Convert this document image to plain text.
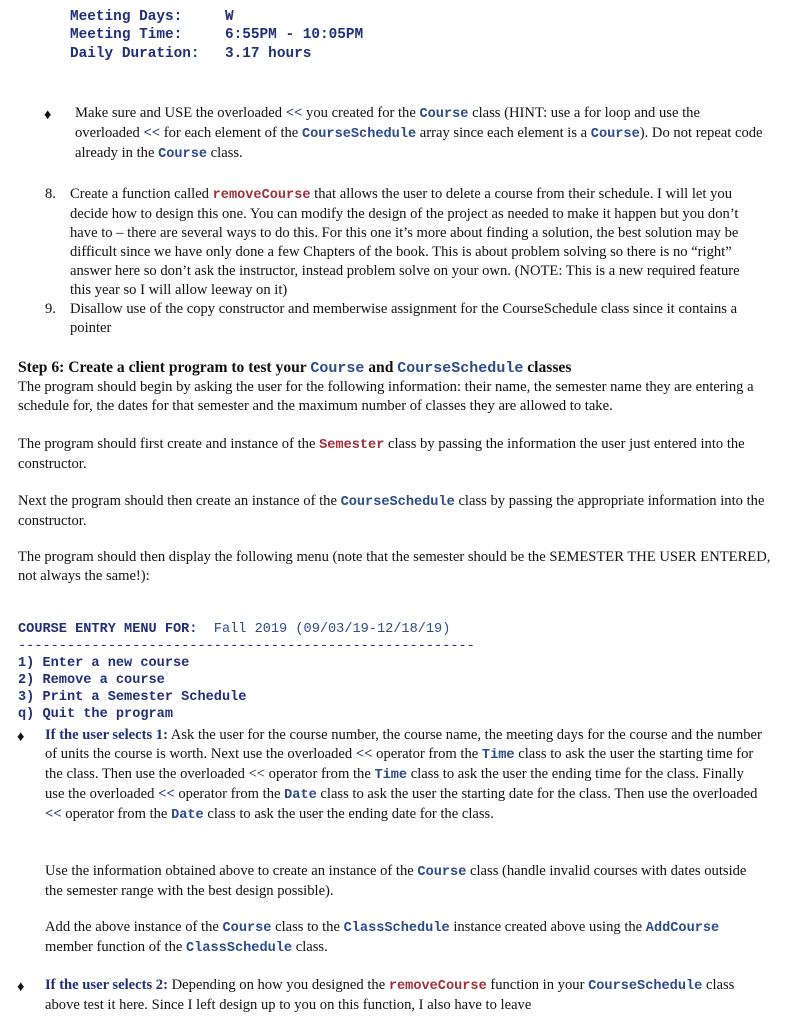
Meeting Days:	W
Meeting Time:	6:55PM - 10:05PM
Daily Duration: 3.17 hours
♦ Make sure and USE the overloaded << you created for the Course class (HINT: use a for loop and use the overloaded << for each element of the CourseSchedule array since each element is a Course). Do not repeat code already in the Course class.
8. Create a function called removeCourse that allows the user to delete a course from their schedule. I will let you decide how to design this one. You can modify the design of the project as needed to make it happen but you don’t have to – there are several ways to do this. For this one it’s more about finding a solution, the best solution may be difficult since we have only done a few Chapters of the book. This is about problem solving so there is no “right” answer here so don’t ask the instructor, instead problem solve on your own. (NOTE: This is a new required feature this year so I will allow leeway on it)
9. Disallow use of the copy constructor and memberwise assignment for the CourseSchedule class since it contains a pointer
Step 6: Create a client program to test your Course and CourseSchedule classes
The program should begin by asking the user for the following information: their name, the semester name they are entering a schedule for, the dates for that semester and the maximum number of classes they are allowed to take.
The program should first create and instance of the Semester class by passing the information the user just entered into the constructor.
Next the program should then create an instance of the CourseSchedule class by passing the appropriate information into the constructor.
The program should then display the following menu (note that the semester should be the SEMESTER THE USER ENTERED, not always the same!):

COURSE ENTRY MENU FOR: Fall 2019 (09/03/19-12/18/19)
--------------------------------------------------------
1) Enter a new course
2) Remove a course
3) Print a Semester Schedule
q) Quit the program

♦ If the user selects 1: Ask the user for the course number, the course name, the meeting days for the course and the number of units the course is worth. Next use the overloaded << operator from the Time class to ask the user the starting time for the class. Then use the overloaded << operator from the Time class to ask the user the ending time for the class. Finally use the overloaded << operator from the Date class to ask the user the starting date for the class. Then use the overloaded << operator from the Date class to ask the user the ending date for the class.
Use the information obtained above to create an instance of the Course class (handle invalid courses with dates outside the semester range with the best design possible).
Add the above instance of the Course class to the ClassSchedule instance created above using the AddCourse member function of the ClassSchedule class.
♦ If the user selects 2: Depending on how you designed the removeCourse function in your CourseSchedule class above test it here. Since I left design up to you on this function, I also have to leave
